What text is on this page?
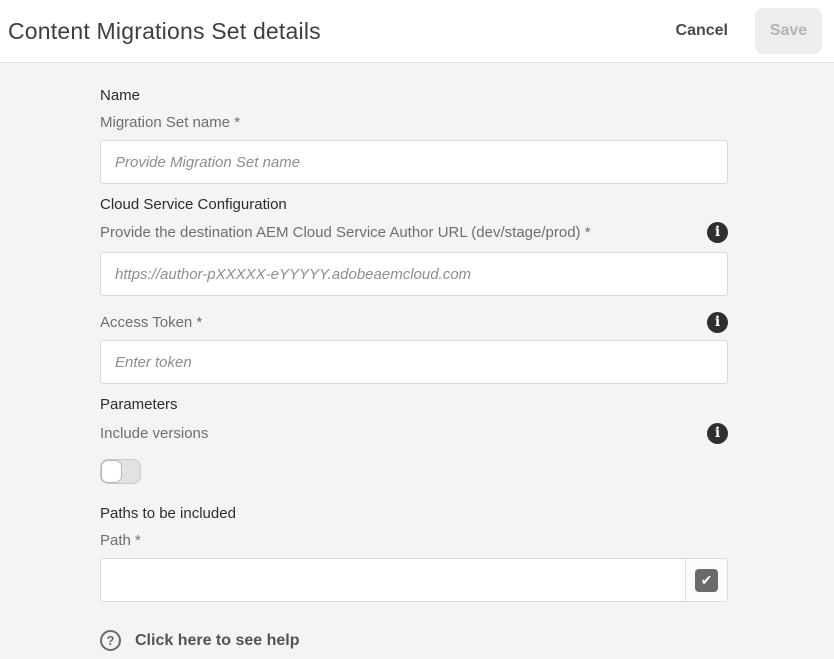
Content Migrations Set details	Cancel	Save
Name
Migration Set name *
Provide Migration Set name
Cloud Service Configuration
Provide the destination AEM Cloud Service Author URL (dev/stage/prod) *	i
https://author-pXXXXX-eYYYYY.adobeaemcloud.com
Access Token *	i
Enter token
Parameters
Include versions	i
Paths to be included
Path *
✔
?	Click here to see help
